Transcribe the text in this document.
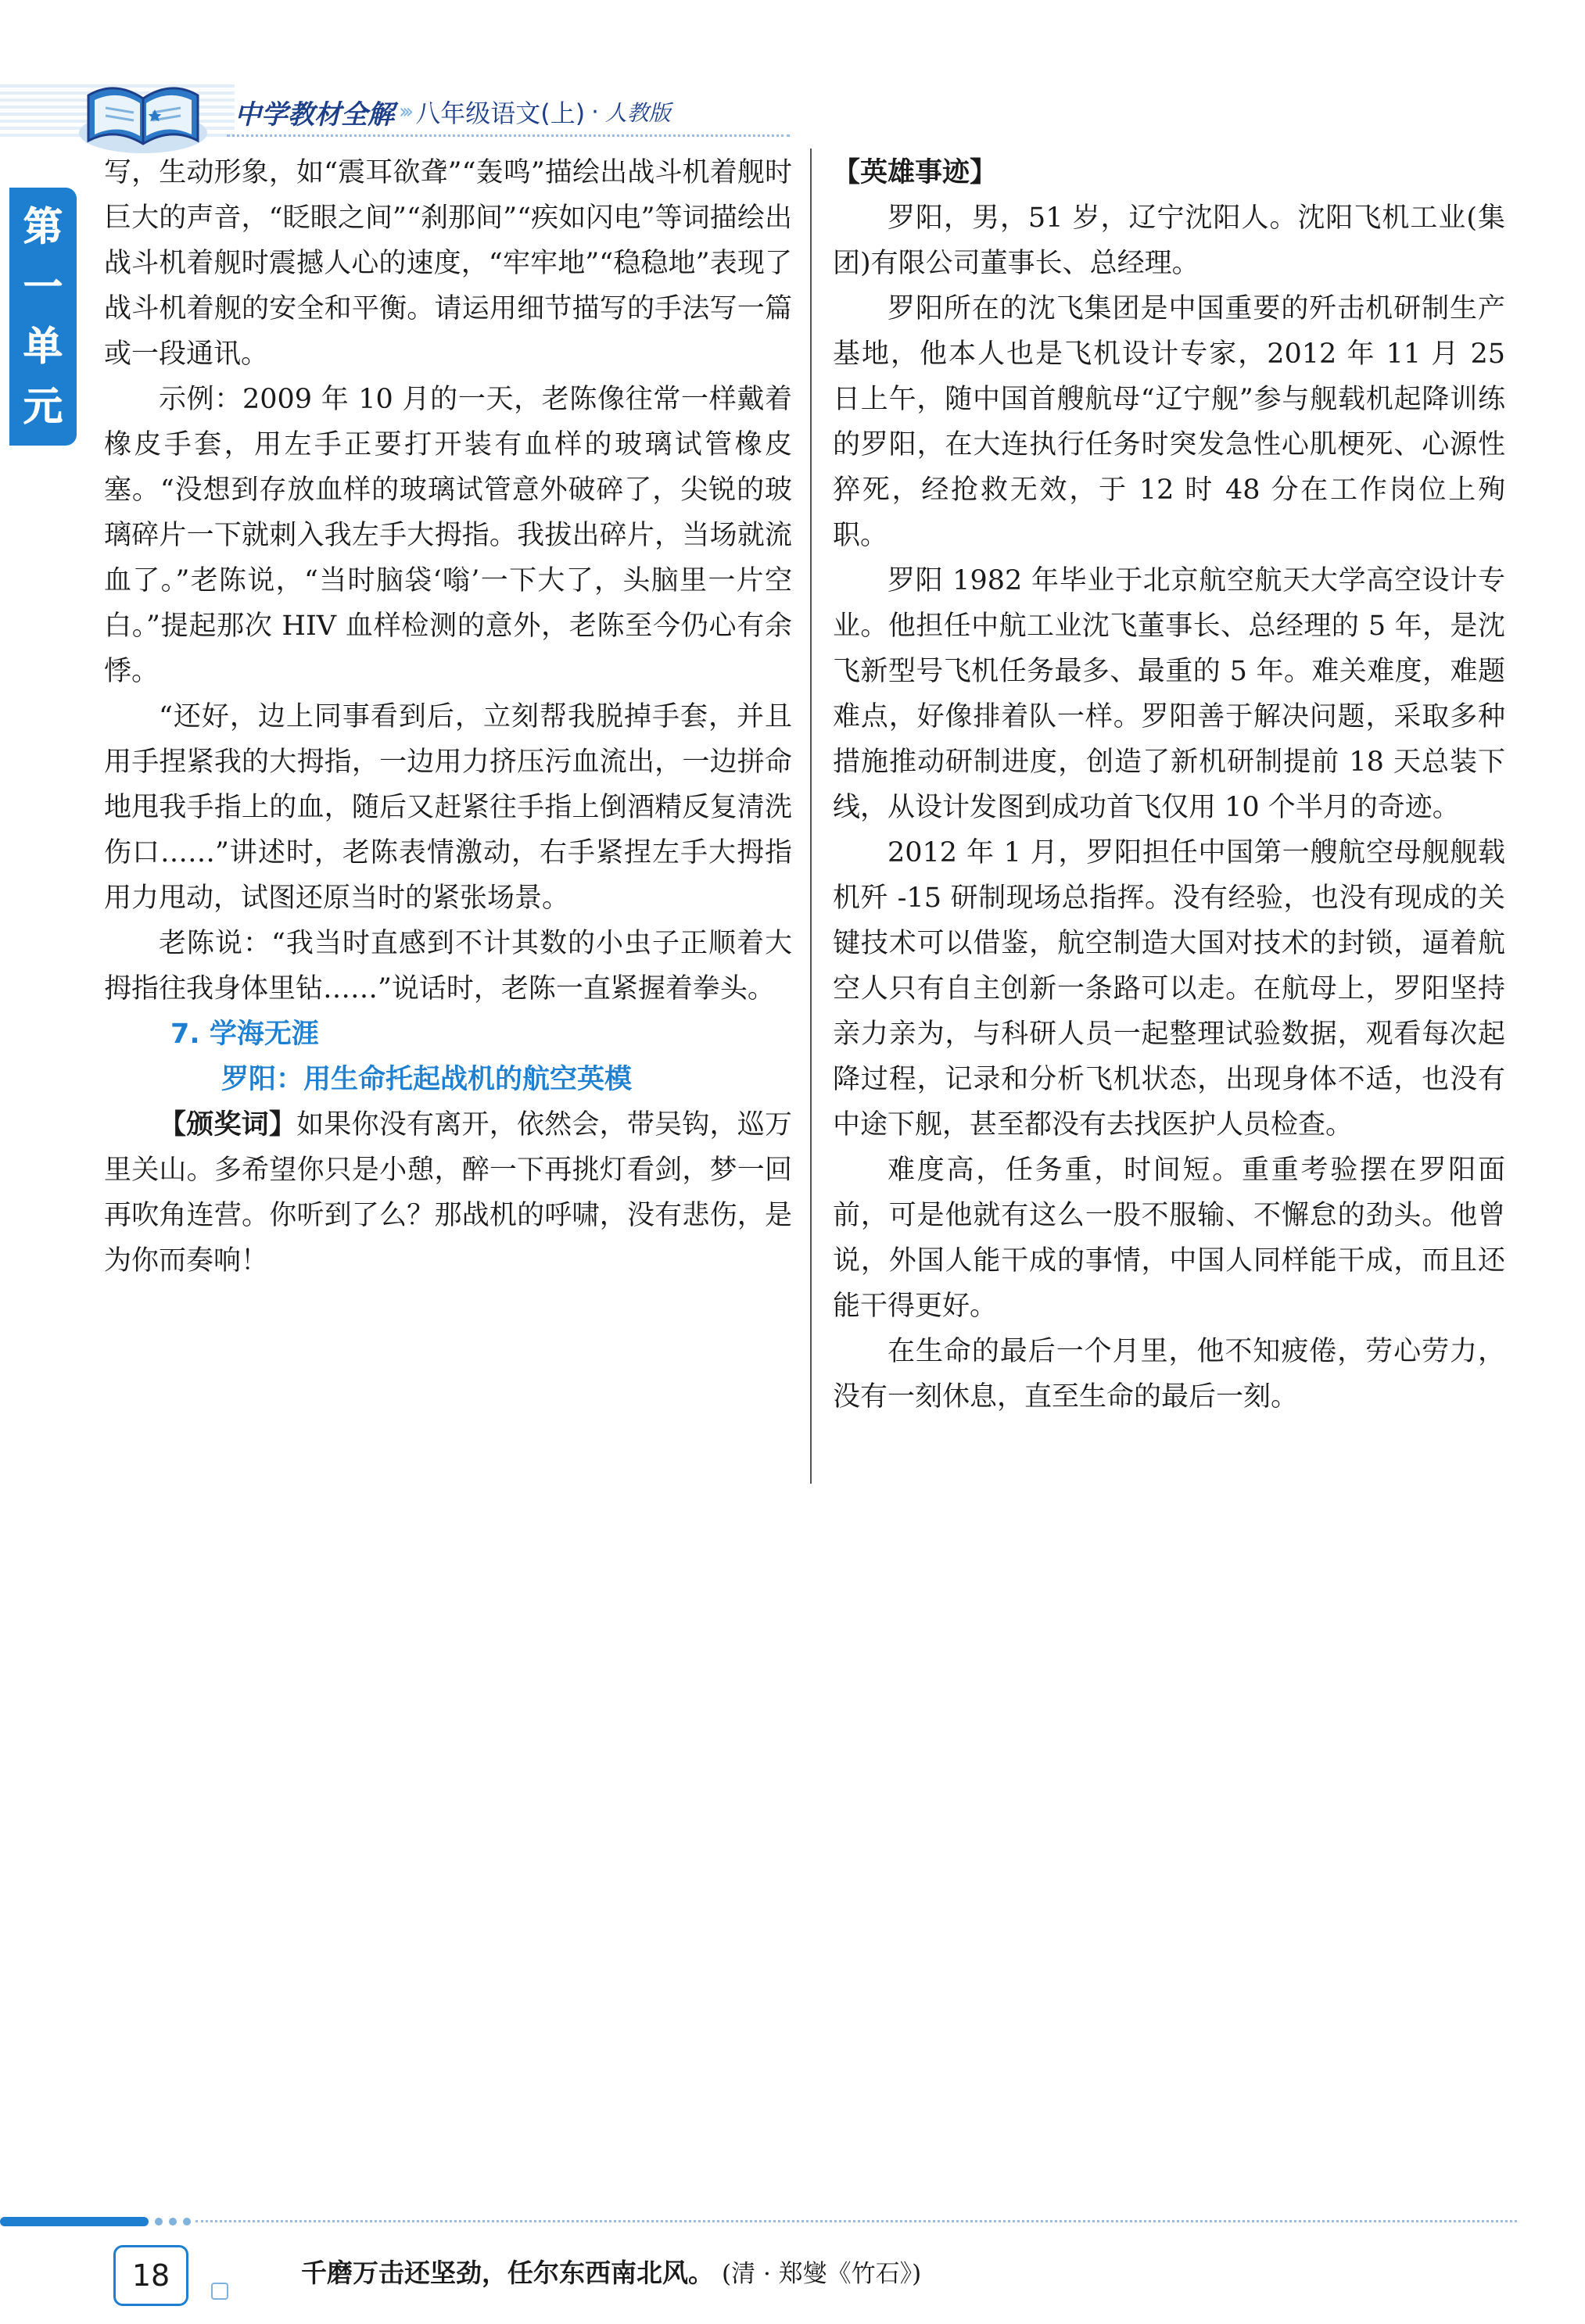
中学教材全解 ››› 八年级语文(上) · 人教版
第
一
单
元

写，生动形象，如“震耳欲聋”“轰鸣”描绘出战斗机着舰时巨大的声音，“眨眼之间”“刹那间”“疾如闪电”等词描绘出战斗机着舰时震撼人心的速度，“牢牢地”“稳稳地”表现了战斗机着舰的安全和平衡。请运用细节描写的手法写一篇或一段通讯。

示例：2009 年 10 月的一天，老陈像往常一样戴着橡皮手套，用左手正要打开装有血样的玻璃试管橡皮塞。“没想到存放血样的玻璃试管意外破碎了，尖锐的玻璃碎片一下就刺入我左手大拇指。我拔出碎片，当场就流血了。”老陈说，“当时脑袋‘嗡’一下大了，头脑里一片空白。”提起那次 HIV 血样检测的意外，老陈至今仍心有余悸。

“还好，边上同事看到后，立刻帮我脱掉手套，并且用手捏紧我的大拇指，一边用力挤压污血流出，一边拼命地甩我手指上的血，随后又赶紧往手指上倒酒精反复清洗伤口……”讲述时，老陈表情激动，右手紧捏左手大拇指用力甩动，试图还原当时的紧张场景。

老陈说：“我当时直感到不计其数的小虫子正顺着大拇指往我身体里钻……”说话时，老陈一直紧握着拳头。

7. 学海无涯

罗阳：用生命托起战机的航空英模

【颁奖词】如果你没有离开，依然会，带吴钩，巡万里关山。多希望你只是小憩，醉一下再挑灯看剑，梦一回再吹角连营。你听到了么？那战机的呼啸，没有悲伤，是为你而奏响！

【英雄事迹】

罗阳，男，51 岁，辽宁沈阳人。沈阳飞机工业(集团)有限公司董事长、总经理。

罗阳所在的沈飞集团是中国重要的歼击机研制生产基地，他本人也是飞机设计专家，2012 年 11 月 25 日上午，随中国首艘航母“辽宁舰”参与舰载机起降训练的罗阳，在大连执行任务时突发急性心肌梗死、心源性猝死，经抢救无效，于 12 时 48 分在工作岗位上殉职。

罗阳 1982 年毕业于北京航空航天大学高空设计专业。他担任中航工业沈飞董事长、总经理的 5 年，是沈飞新型号飞机任务最多、最重的 5 年。难关难度，难题难点，好像排着队一样。罗阳善于解决问题，采取多种措施推动研制进度，创造了新机研制提前 18 天总装下线，从设计发图到成功首飞仅用 10 个半月的奇迹。

2012 年 1 月，罗阳担任中国第一艘航空母舰舰载机歼 -15 研制现场总指挥。没有经验，也没有现成的关键技术可以借鉴，航空制造大国对技术的封锁，逼着航空人只有自主创新一条路可以走。在航母上，罗阳坚持亲力亲为，与科研人员一起整理试验数据，观看每次起降过程，记录和分析飞机状态，出现身体不适，也没有中途下舰，甚至都没有去找医护人员检查。

难度高，任务重，时间短。重重考验摆在罗阳面前，可是他就有这么一股不服输、不懈怠的劲头。他曾说，外国人能干成的事情，中国人同样能干成，而且还能干得更好。

在生命的最后一个月里，他不知疲倦，劳心劳力，没有一刻休息，直至生命的最后一刻。

18	千磨万击还坚劲，任尔东西南北风。 (清 · 郑燮《竹石》)
